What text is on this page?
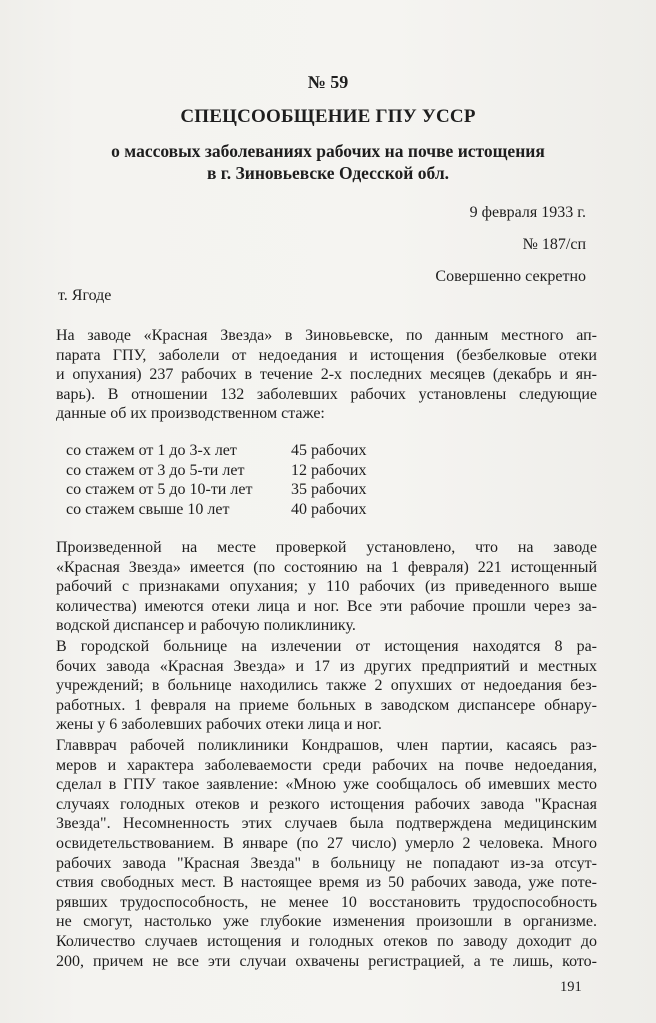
№ 59
СПЕЦСООБЩЕНИЕ ГПУ УССР
о массовых заболеваниях рабочих на почве истощения
в г. Зиновьевске Одесской обл.
9 февраля 1933 г.
№ 187/сп
Совершенно секретно
т. Ягоде

На заводе «Красная Звезда» в Зиновьевске, по данным местного ап-

парата ГПУ, заболели от недоедания и истощения (безбелковые отеки

и опухания) 237 рабочих в течение 2-х последних месяцев (декабрь и ян-

варь). В отношении 132 заболевших рабочих установлены следующие

данные об их производственном стаже:

со стажем от 1 до 3-х лет	45 рабочих
со стажем от 3 до 5-ти лет	12 рабочих
со стажем от 5 до 10-ти лет	35 рабочих
со стажем свыше 10 лет	40 рабочих

Произведенной на месте проверкой установлено, что на заводе

«Красная Звезда» имеется (по состоянию на 1 февраля) 221 истощенный

рабочий с признаками опухания; у 110 рабочих (из приведенного выше

количества) имеются отеки лица и ног. Все эти рабочие прошли через за-

водской диспансер и рабочую поликлинику.

В городской больнице на излечении от истощения находятся 8 ра-

бочих завода «Красная Звезда» и 17 из других предприятий и местных

учреждений; в больнице находились также 2 опухших от недоедания без-

работных. 1 февраля на приеме больных в заводском диспансере обнару-

жены у 6 заболевших рабочих отеки лица и ног.

Главврач рабочей поликлиники Кондрашов, член партии, касаясь раз-

меров и характера заболеваемости среди рабочих на почве недоедания,

сделал в ГПУ такое заявление: «Мною уже сообщалось об имевших место

случаях голодных отеков и резкого истощения рабочих завода "Красная

Звезда". Несомненность этих случаев была подтверждена медицинским

освидетельствованием. В январе (по 27 число) умерло 2 человека. Много

рабочих завода "Красная Звезда" в больницу не попадают из-за отсут-

ствия свободных мест. В настоящее время из 50 рабочих завода, уже поте-

рявших трудоспособность, не менее 10 восстановить трудоспособность

не смогут, настолько уже глубокие изменения произошли в организме.

Количество случаев истощения и голодных отеков по заводу доходит до

200, причем не все эти случаи охвачены регистрацией, а те лишь, кото-

191
